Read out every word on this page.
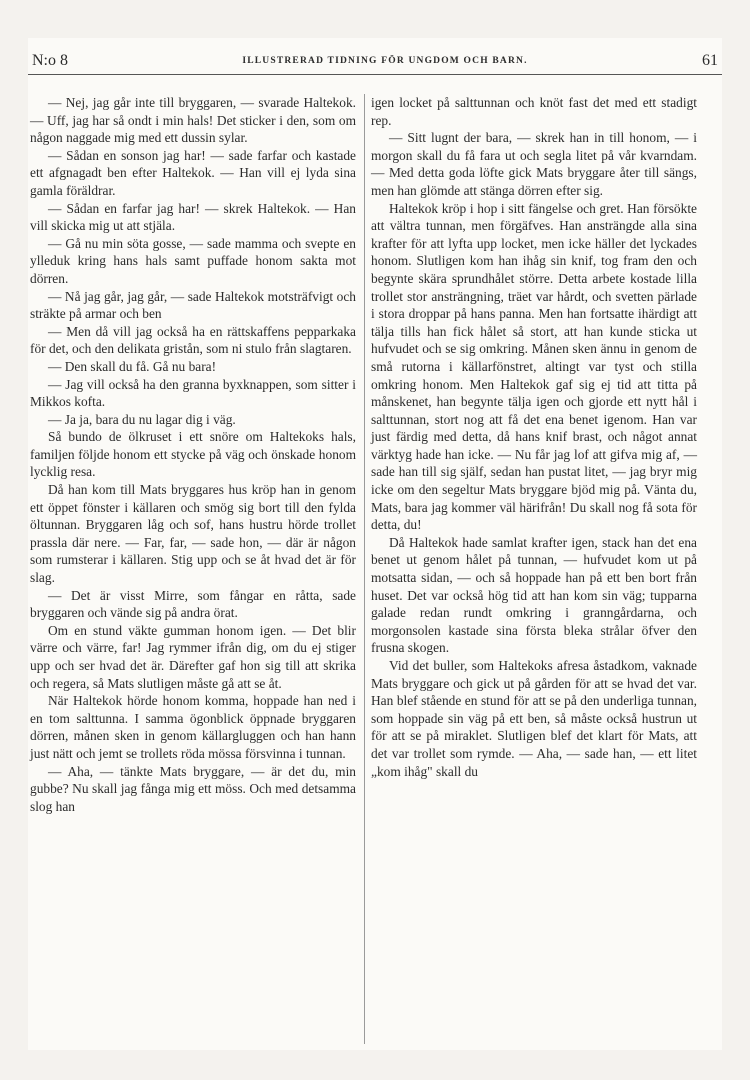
N:o 8	ILLUSTRERAD TIDNING FÖR UNGDOM OCH BARN.	61

— Nej, jag går inte till bryggaren, — svarade Haltekok. — Uff, jag har så ondt i min hals! Det sticker i den, som om någon naggade mig med ett dussin sylar.

— Sådan en sonson jag har! — sade farfar och kastade ett afgnagadt ben efter Haltekok. — Han vill ej lyda sina gamla föräldrar.

— Sådan en farfar jag har! — skrek Haltekok. — Han vill skicka mig ut att stjäla.

— Gå nu min söta gosse, — sade mamma och svepte en ylleduk kring hans hals samt puffade honom sakta mot dörren.

— Nå jag går, jag går, — sade Haltekok motsträfvigt och sträkte på armar och ben

— Men då vill jag också ha en rättskaffens pepparkaka för det, och den delikata gristån, som ni stulo från slagtaren.

— Den skall du få. Gå nu bara!

— Jag vill också ha den granna byxknappen, som sitter i Mikkos kofta.

— Ja ja, bara du nu lagar dig i väg.

Så bundo de ölkruset i ett snöre om Haltekoks hals, familjen följde honom ett stycke på väg och önskade honom lycklig resa.

Då han kom till Mats bryggares hus kröp han in genom ett öppet fönster i källaren och smög sig bort till den fylda öltunnan. Bryggaren låg och sof, hans hustru hörde trollet prassla där nere. — Far, far, — sade hon, — där är någon som rumsterar i källaren. Stig upp och se åt hvad det är för slag.

— Det är visst Mirre, som fångar en råtta, sade bryggaren och vände sig på andra örat.

Om en stund väkte gumman honom igen. — Det blir värre och värre, far! Jag rymmer ifrån dig, om du ej stiger upp och ser hvad det är. Därefter gaf hon sig till att skrika och regera, så Mats slutligen måste gå att se åt.

När Haltekok hörde honom komma, hoppade han ned i en tom salttunna. I samma ögonblick öppnade bryggaren dörren, månen sken in genom källargluggen och han hann just nätt och jemt se trollets röda mössa försvinna i tunnan.

— Aha, — tänkte Mats bryggare, — är det du, min gubbe? Nu skall jag fånga mig ett möss. Och med detsamma slog han

igen locket på salttunnan och knöt fast det med ett stadigt rep.

— Sitt lugnt der bara, — skrek han in till honom, — i morgon skall du få fara ut och segla litet på vår kvarndam. — Med detta goda löfte gick Mats bryggare åter till sängs, men han glömde att stänga dörren efter sig.

Haltekok kröp i hop i sitt fängelse och gret. Han försökte att vältra tunnan, men förgäfves. Han ansträngde alla sina krafter för att lyfta upp locket, men icke häller det lyckades honom. Slutligen kom han ihåg sin knif, tog fram den och begynte skära sprundhålet större. Detta arbete kostade lilla trollet stor ansträngning, träet var hårdt, och svetten pärlade i stora droppar på hans panna. Men han fortsatte ihärdigt att tälja tills han fick hålet så stort, att han kunde sticka ut hufvudet och se sig omkring. Månen sken ännu in genom de små rutorna i källarfönstret, altingt var tyst och stilla omkring honom. Men Haltekok gaf sig ej tid att titta på månskenet, han begynte tälja igen och gjorde ett nytt hål i salttunnan, stort nog att få det ena benet igenom. Han var just färdig med detta, då hans knif brast, och något annat värktyg hade han icke. — Nu får jag lof att gifva mig af, — sade han till sig själf, sedan han pustat litet, — jag bryr mig icke om den segeltur Mats bryggare bjöd mig på. Vänta du, Mats, bara jag kommer väl härifrån! Du skall nog få sota för detta, du!

Då Haltekok hade samlat krafter igen, stack han det ena benet ut genom hålet på tunnan, — hufvudet kom ut på motsatta sidan, — och så hoppade han på ett ben bort från huset. Det var också hög tid att han kom sin väg; tupparna galade redan rundt omkring i granngårdarna, och morgonsolen kastade sina första bleka strålar öfver den frusna skogen.

Vid det buller, som Haltekoks afresa åstadkom, vaknade Mats bryggare och gick ut på gården för att se hvad det var. Han blef stående en stund för att se på den underliga tunnan, som hoppade sin väg på ett ben, så måste också hustrun ut för att se på miraklet. Slutligen blef det klart för Mats, att det var trollet som rymde. — Aha, — sade han, — ett litet „kom ihåg" skall du
